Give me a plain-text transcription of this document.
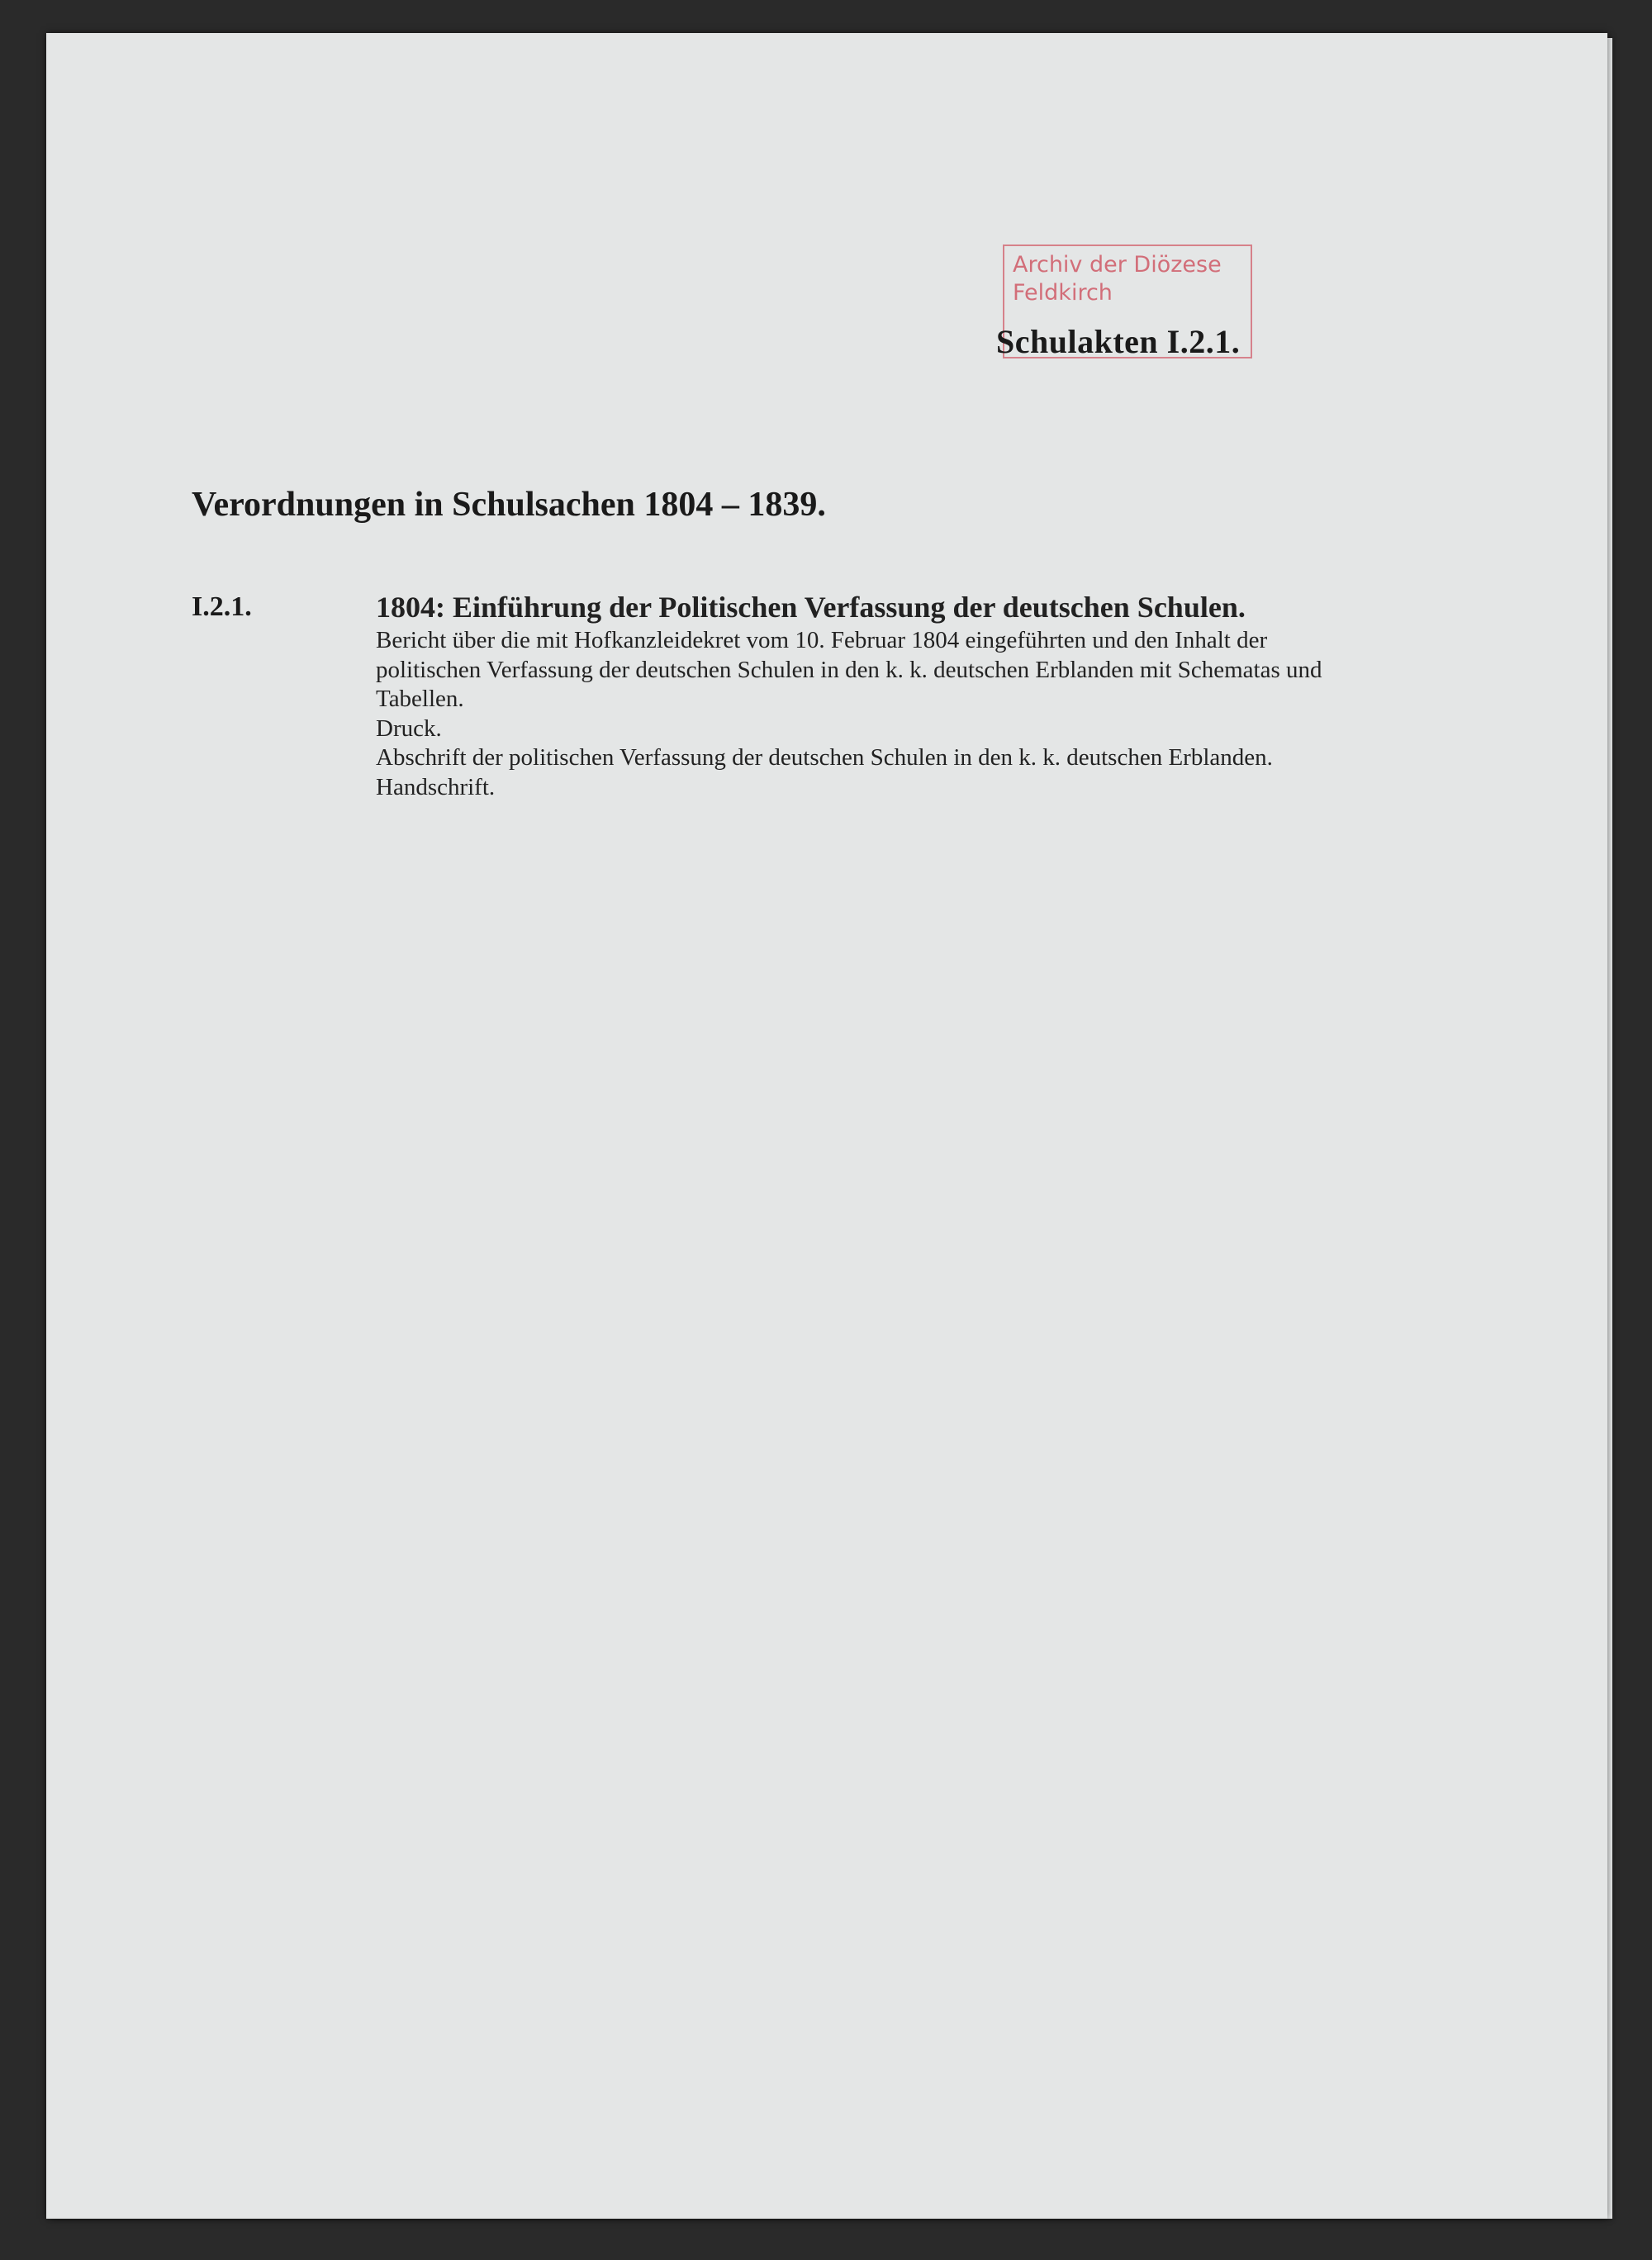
Archiv der Diözese
Feldkirch
Schulakten I.2.1.
Verordnungen in Schulsachen 1804 – 1839.
I.2.1.	1804: Einführung der Politischen Verfassung der deutschen Schulen.
Bericht über die mit Hofkanzleidekret vom 10. Februar 1804 eingeführten und den Inhalt der
politischen Verfassung der deutschen Schulen in den k. k. deutschen Erblanden mit Schematas und
Tabellen.
Druck.
Abschrift der politischen Verfassung der deutschen Schulen in den k. k. deutschen Erblanden.
Handschrift.
